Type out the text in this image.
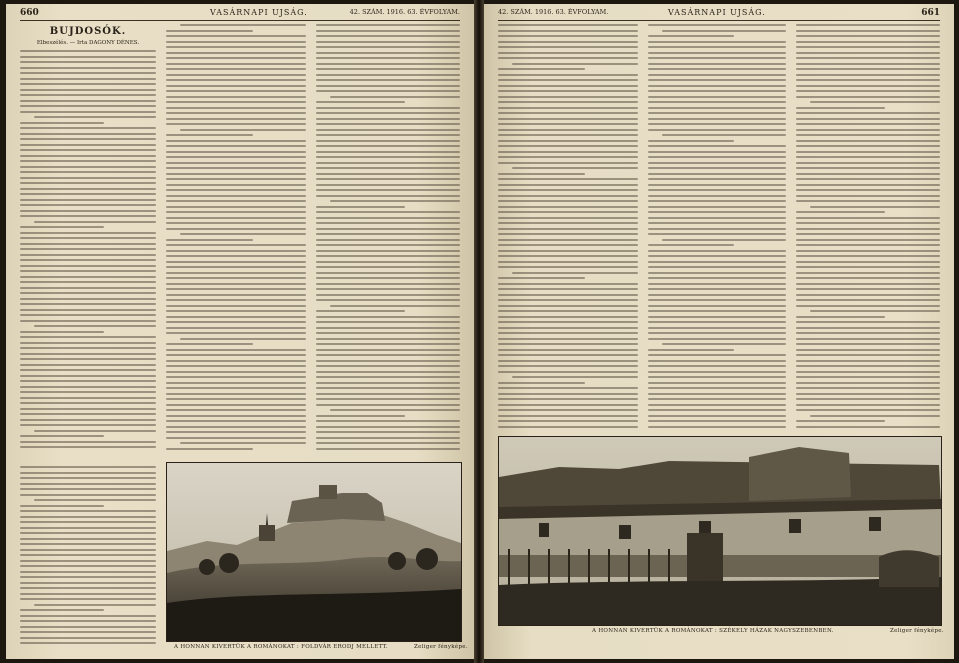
660	VASÁRNAPI UJSÁG.	42. SZÁM. 1916. 63. ÉVFOLYAM.
BUJDOSÓK.
Elbeszélés. — Irta DAGONY DÉNES.
A HONNAN KIVERTÜK A ROMÁNOKAT : FOLDVÁR ERODJ MELLETT.	Zeliger fényképe.
42. SZÁM. 1916. 63. ÉVFOLYAM.	VASÁRNAPI UJSÁG.	661
A HONNAN KIVERTÜK A ROMÁNOKAT : SZÉKELY HÁZAK NAGYSZEBENBEN.	Zeliger fényképe.
